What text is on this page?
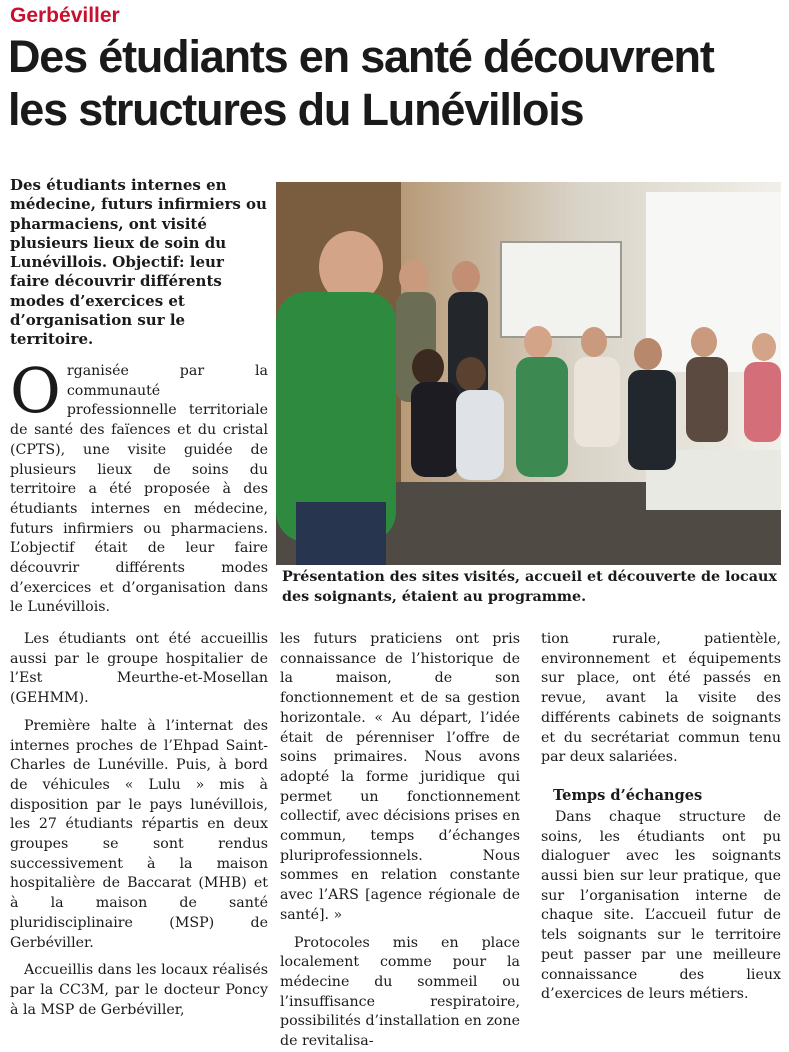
Gerbéviller
Des étudiants en santé découvrent les structures du Lunévillois
Des étudiants internes en médecine, futurs infirmiers ou pharmaciens, ont visité plusieurs lieux de soin du Lunévillois. Objectif: leur faire découvrir différents modes d’exercices et d’organisation sur le territoire.
Organisée par la communauté professionnelle territoriale de santé des faïences et du cristal (CPTS), une visite guidée de plusieurs lieux de soins du territoire a été proposée à des étudiants internes en médecine, futurs infirmiers ou pharmaciens. L’objectif était de leur faire découvrir différents modes d’exercices et d’organisation dans le Lunévillois.
Présentation des sites visités, accueil et découverte de locaux des soignants, étaient au programme.

Les étudiants ont été accueillis aussi par le groupe hospitalier de l’Est Meurthe-et-Mosellan (GEHMM).

Première halte à l’internat des internes proches de l’Ehpad Saint-Charles de Lunéville. Puis, à bord de véhicules « Lulu » mis à disposition par le pays lunévillois, les 27 étudiants répartis en deux groupes se sont rendus successivement à la maison hospitalière de Baccarat (MHB) et à la maison de santé pluridisciplinaire (MSP) de Gerbéviller.

Accueillis dans les locaux réalisés par la CC3M, par le docteur Poncy à la MSP de Gerbéviller,

les futurs praticiens ont pris connaissance de l’historique de la maison, de son fonctionnement et de sa gestion horizontale. « Au départ, l’idée était de pérenniser l’offre de soins primaires. Nous avons adopté la forme juridique qui permet un fonctionnement collectif, avec décisions prises en commun, temps d’échanges pluriprofessionnels. Nous sommes en relation constante avec l’ARS [agence régionale de santé]. »

Protocoles mis en place localement comme pour la médecine du sommeil ou l’insuffisance respiratoire, possibilités d’installation en zone de revitalisa-

tion rurale, patientèle, environnement et équipements sur place, ont été passés en revue, avant la visite des différents cabinets de soignants et du secrétariat commun tenu par deux salariées.

Temps d’échanges

Dans chaque structure de soins, les étudiants ont pu dialoguer avec les soignants aussi bien sur leur pratique, que sur l’organisation interne de chaque site. L’accueil futur de tels soignants sur le territoire peut passer par une meilleure connaissance des lieux d’exercices de leurs métiers.
